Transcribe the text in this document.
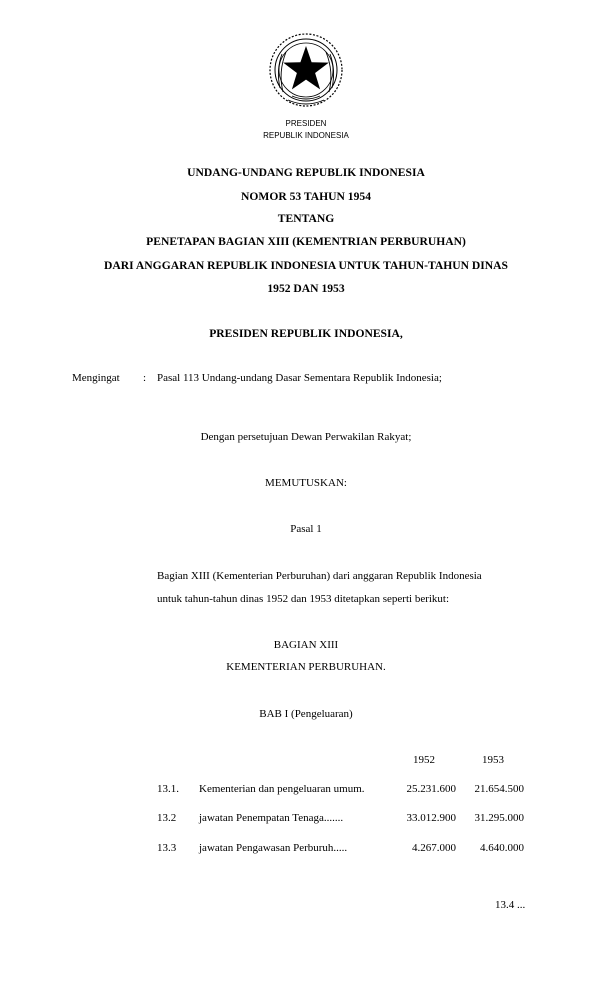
PRESIDEN
REPUBLIK INDONESIA
UNDANG-UNDANG REPUBLIK INDONESIA
NOMOR 53 TAHUN 1954
TENTANG
PENETAPAN BAGIAN XIII (KEMENTRIAN PERBURUHAN)
DARI ANGGARAN REPUBLIK INDONESIA UNTUK TAHUN-TAHUN DINAS
1952 DAN 1953
PRESIDEN REPUBLIK INDONESIA,
Mengingat : Pasal 113 Undang-undang Dasar Sementara Republik Indonesia;
Dengan persetujuan Dewan Perwakilan Rakyat;
MEMUTUSKAN:
Pasal 1
Bagian XIII (Kementerian Perburuhan) dari anggaran Republik Indonesia
untuk tahun-tahun dinas 1952 dan 1953 ditetapkan seperti berikut:
BAGIAN XIII
KEMENTERIAN PERBURUHAN.
BAB I (Pengeluaran)
1952	1953
13.1. Kementerian dan pengeluaran umum.	25.231.600	21.654.500
13.2 jawatan Penempatan Tenaga.......	33.012.900	31.295.000
13.3 jawatan Pengawasan Perburuh.....	4.267.000	4.640.000
13.4 ...
